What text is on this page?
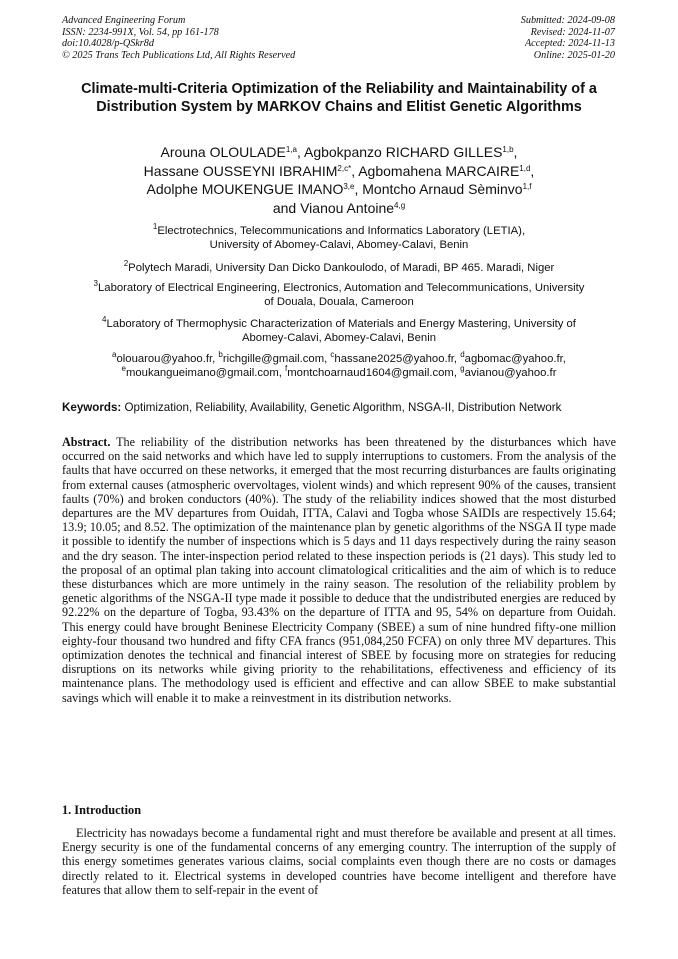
Advanced Engineering Forum
ISSN: 2234-991X, Vol. 54, pp 161-178
doi:10.4028/p-QSkr8d
© 2025 Trans Tech Publications Ltd, All Rights Reserved
Submitted: 2024-09-08
Revised: 2024-11-07
Accepted: 2024-11-13
Online: 2025-01-20
Climate-multi-Criteria Optimization of the Reliability and Maintainability of a Distribution System by MARKOV Chains and Elitist Genetic Algorithms
Arouna OLOULADE$^{1,a}$, Agbokpanzo RICHARD GILLES$^{1,b}$,
Hassane OUSSEYNI $IBRAHIM^{2,c*}$, Agbomahena MARCAIRE$^{1,d}$,
Adolphe MOUKENGUE IMANO$^{3,e}$, Montcho Arnaud Sèminvo$^{1,f}$
and Vianou Antoine$^{4,g}$
$^1$Electrotechnics, Telecommunications and Informatics Laboratory (LETIA),
University of Abomey-Calavi, Abomey-Calavi, Benin
$^2$Polytech Maradi, University Dan Dicko Dankoulodo, of Maradi, BP 465. Maradi, Niger
$^3$Laboratory of Electrical Engineering, Electronics, Automation and Telecommunications, University
of Douala, Douala, Cameroon
$^4$Laboratory of Thermophysic Characterization of Materials and Energy Mastering, University of
Abomey-Calavi, Abomey-Calavi, Benin
$^a$olouarou@yahoo.fr, $^b$richgille@gmail.com, $^c$hassane2025@yahoo.fr, $^d$agbomac@yahoo.fr,
$^e$moukangueimano@gmail.com, $^f$montchoarnaud1604@gmail.com, $^g$avianou@yahoo.fr
Keywords: Optimization, Reliability, Availability, Genetic Algorithm, NSGA-II, Distribution Network
Abstract. The reliability of the distribution networks has been threatened by the disturbances which have occurred on the said networks and which have led to supply interruptions to customers. From the analysis of the faults that have occurred on these networks, it emerged that the most recurring disturbances are faults originating from external causes (atmospheric overvoltages, violent winds) and which represent 90% of the causes, transient faults (70%) and broken conductors (40%). The study of the reliability indices showed that the most disturbed departures are the MV departures from Ouidah, ITTA, Calavi and Togba whose SAIDIs are respectively 15.64; 13.9; 10.05; and 8.52. The optimization of the maintenance plan by genetic algorithms of the NSGA II type made it possible to identify the number of inspections which is 5 days and 11 days respectively during the rainy season and the dry season. The inter-inspection period related to these inspection periods is (21 days). This study led to the proposal of an optimal plan taking into account climatological criticalities and the aim of which is to reduce these disturbances which are more untimely in the rainy season. The resolution of the reliability problem by genetic algorithms of the NSGA-II type made it possible to deduce that the undistributed energies are reduced by 92.22% on the departure of Togba, 93.43% on the departure of ITTA and 95, 54% on departure from Ouidah. This energy could have brought Beninese Electricity Company (SBEE) a sum of nine hundred fifty-one million eighty-four thousand two hundred and fifty CFA francs (951,084,250 FCFA) on only three MV departures. This optimization denotes the technical and financial interest of SBEE by focusing more on strategies for reducing disruptions on its networks while giving priority to the rehabilitations, effectiveness and efficiency of its maintenance plans. The methodology used is efficient and effective and can allow SBEE to make substantial savings which will enable it to make a reinvestment in its distribution networks.
1. Introduction
Electricity has nowadays become a fundamental right and must therefore be available and present at all times. Energy security is one of the fundamental concerns of any emerging country. The interruption of the supply of this energy sometimes generates various claims, social complaints even though there are no costs or damages directly related to it. Electrical systems in developed countries have become intelligent and therefore have features that allow them to self-repair in the event of
